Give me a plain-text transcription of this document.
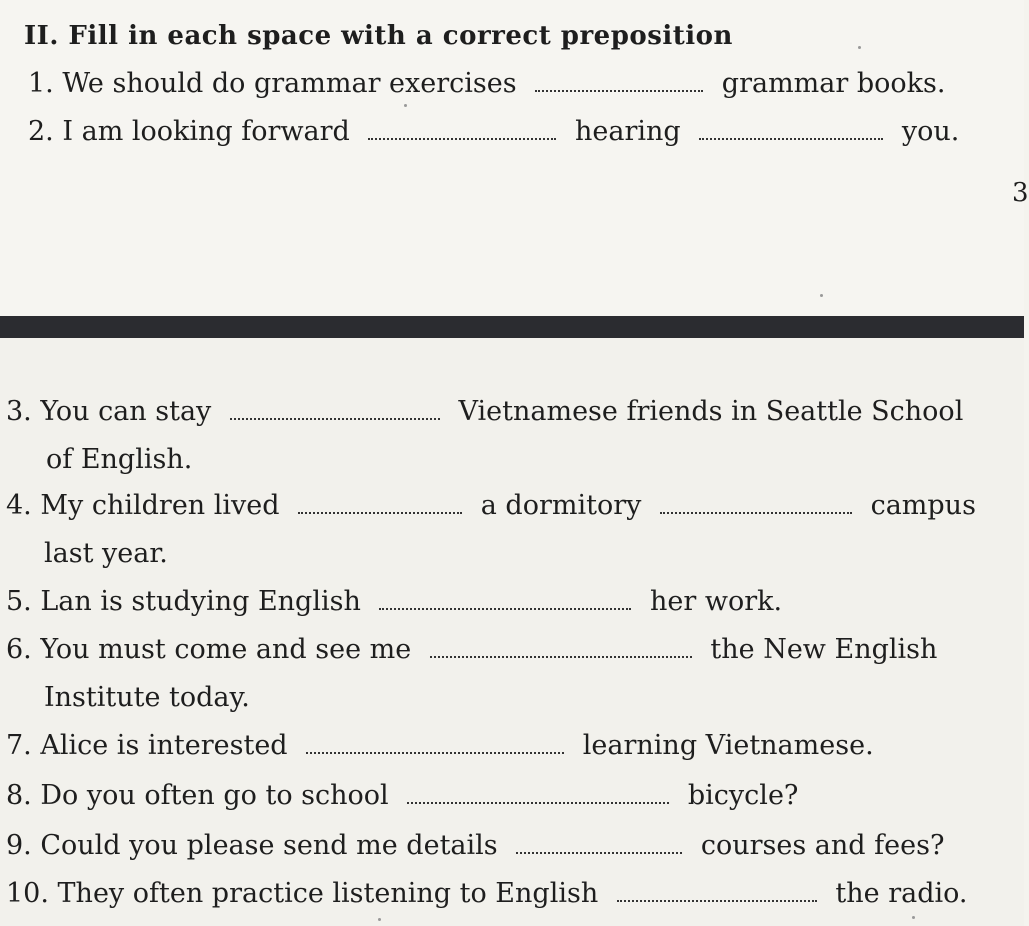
II. Fill in each space with a correct preposition
1. We should do grammar exercises	grammar books.
2. I am looking forward	hearing	you.
3
3. You can stay	Vietnamese friends in Seattle School
of English.
4. My children lived	a dormitory	campus
last year.
5. Lan is studying English	her work.
6. You must come and see me	the New English
Institute today.
7. Alice is interested	learning Vietnamese.
8. Do you often go to school	bicycle?
9. Could you please send me details	courses and fees?
10. They often practice listening to English	the radio.
